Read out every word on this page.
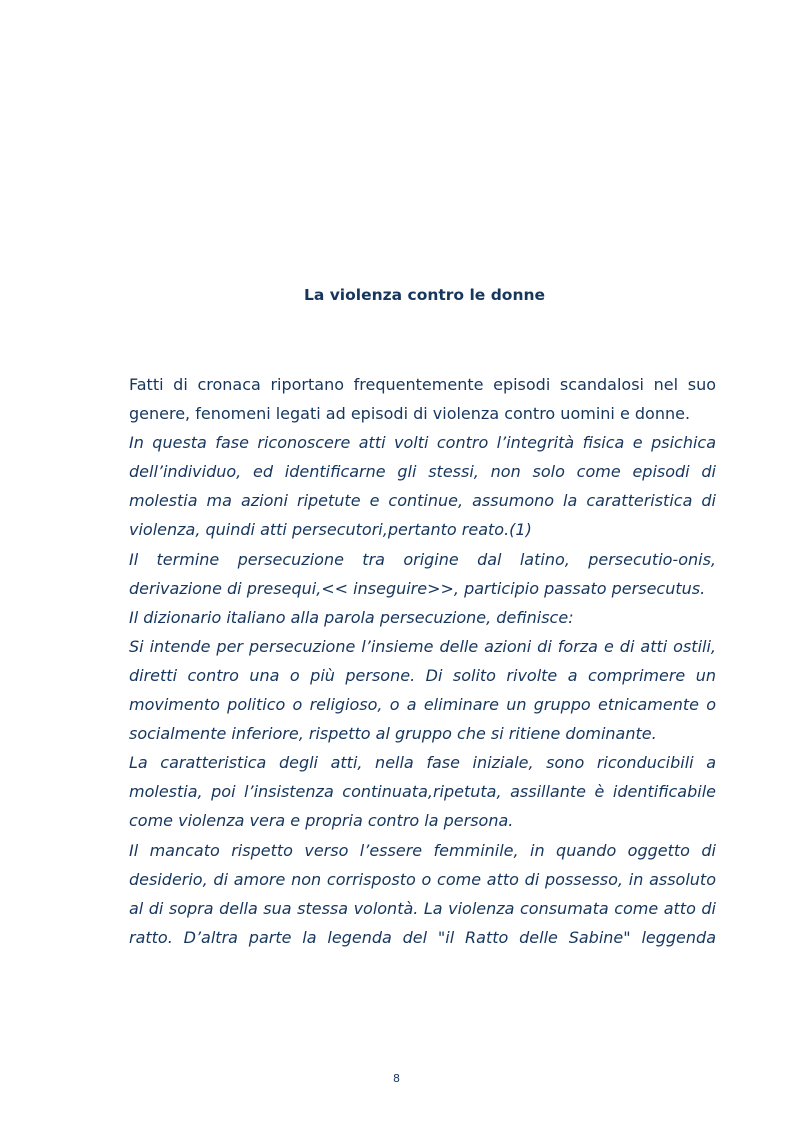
La violenza contro le donne
Fatti di cronaca riportano frequentemente episodi scandalosi nel suo
genere, fenomeni legati ad episodi di violenza contro uomini e donne.
In questa fase riconoscere atti volti contro l’integrità fisica e psichica
dell’individuo, ed identificarne gli stessi, non solo come episodi di
molestia ma azioni ripetute e continue, assumono la caratteristica di
violenza, quindi atti persecutori,pertanto reato.(1)
Il termine persecuzione tra origine dal latino, persecutio-onis,
derivazione di presequi,<< inseguire>>, participio passato persecutus.
Il dizionario italiano alla parola persecuzione, definisce:
Si intende per persecuzione l’insieme delle azioni di forza e di atti ostili,
diretti contro una o più persone. Di solito rivolte a comprimere un
movimento politico o religioso, o a eliminare un gruppo etnicamente o
socialmente inferiore, rispetto al gruppo che si ritiene dominante.
La caratteristica degli atti, nella fase iniziale, sono riconducibili a
molestia, poi l’insistenza continuata,ripetuta, assillante è identificabile
come violenza vera e propria contro la persona.
Il mancato rispetto verso l’essere femminile, in quando oggetto di
desiderio, di amore non corrisposto o come atto di possesso, in assoluto
al di sopra della sua stessa volontà. La violenza consumata come atto di
ratto. D’altra parte la legenda del "il Ratto delle Sabine" leggenda
8
